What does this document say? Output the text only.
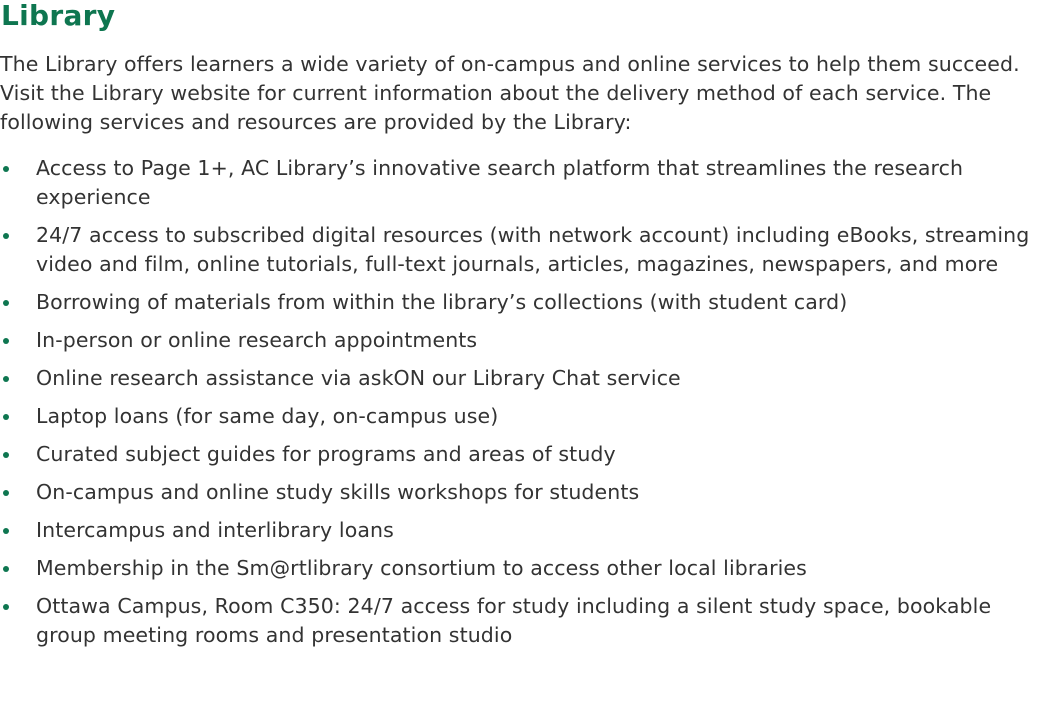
Library

The Library offers learners a wide variety of on-campus and online services to help them succeed. Visit the Library website for current information about the delivery method of each service. The following services and resources are provided by the Library:

Access to Page 1+, AC Library’s innovative search platform that streamlines the research experience
24/7 access to subscribed digital resources (with network account) including eBooks, streaming video and film, online tutorials, full-text journals, articles, magazines, newspapers, and more
Borrowing of materials from within the library’s collections (with student card)
In-person or online research appointments
Online research assistance via askON our Library Chat service
Laptop loans (for same day, on-campus use)
Curated subject guides for programs and areas of study
On-campus and online study skills workshops for students
Intercampus and interlibrary loans
Membership in the Sm@rtlibrary consortium to access other local libraries
Ottawa Campus, Room C350: 24/7 access for study including a silent study space, bookable group meeting rooms and presentation studio
